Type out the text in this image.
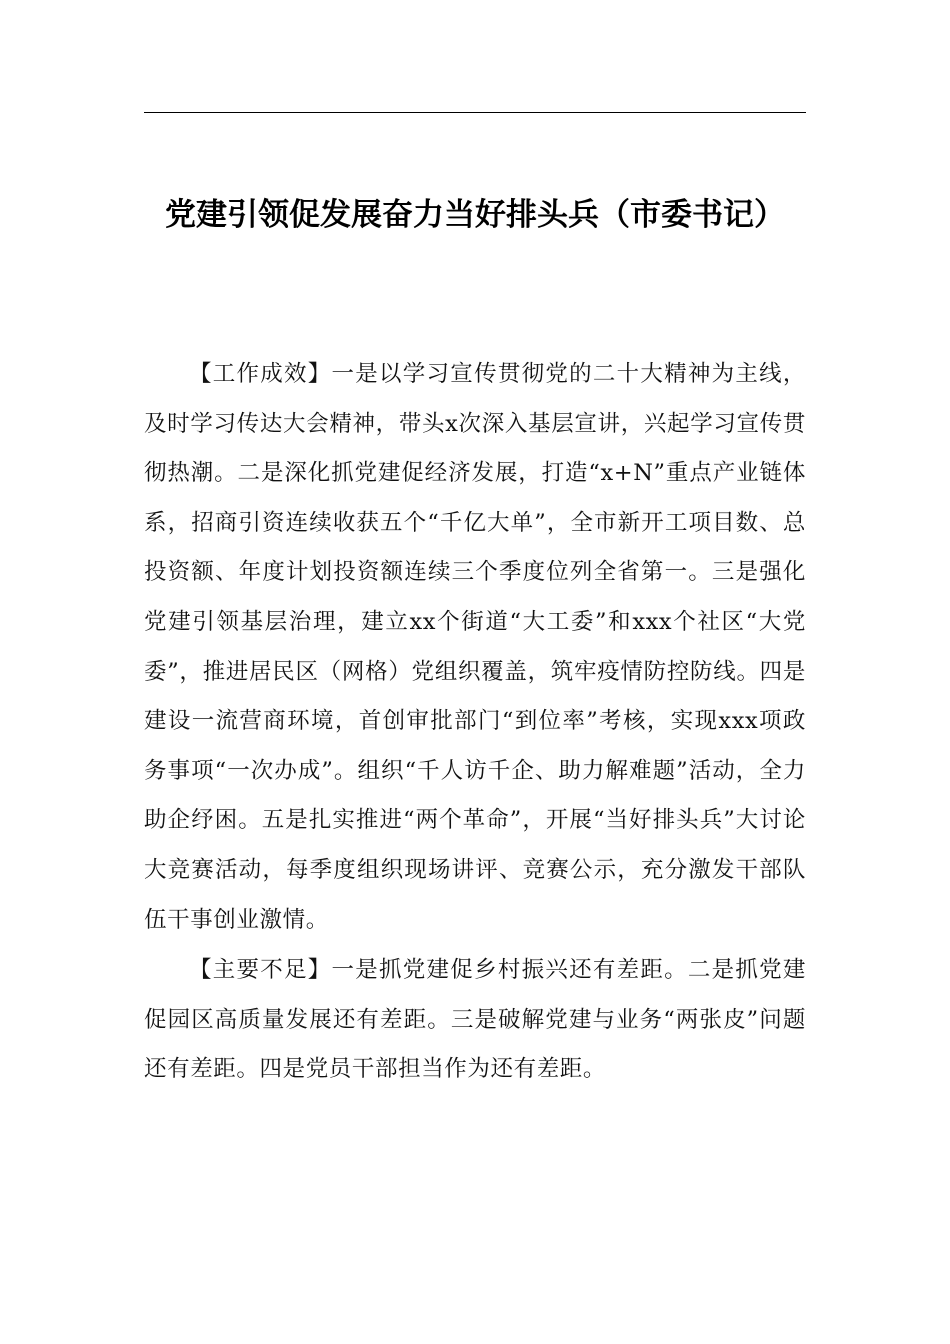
党建引领促发展奋力当好排头兵（市委书记）

【工作成效】一是以学习宣传贯彻党的二十大精神为主线，及时学习传达大会精神，带头x次深入基层宣讲，兴起学习宣传贯彻热潮。二是深化抓党建促经济发展，打造“x+N”重点产业链体系，招商引资连续收获五个“千亿大单”，全市新开工项目数、总投资额、年度计划投资额连续三个季度位列全省第一。三是强化党建引领基层治理，建立xx个街道“大工委”和xxx个社区“大党委”，推进居民区（网格）党组织覆盖，筑牢疫情防控防线。四是建设一流营商环境，首创审批部门“到位率”考核，实现xxx项政务事项“一次办成”。组织“千人访千企、助力解难题”活动，全力助企纾困。五是扎实推进“两个革命”，开展“当好排头兵”大讨论大竞赛活动，每季度组织现场讲评、竞赛公示，充分激发干部队伍干事创业激情。

【主要不足】一是抓党建促乡村振兴还有差距。二是抓党建促园区高质量发展还有差距。三是破解党建与业务“两张皮”问题还有差距。四是党员干部担当作为还有差距。
